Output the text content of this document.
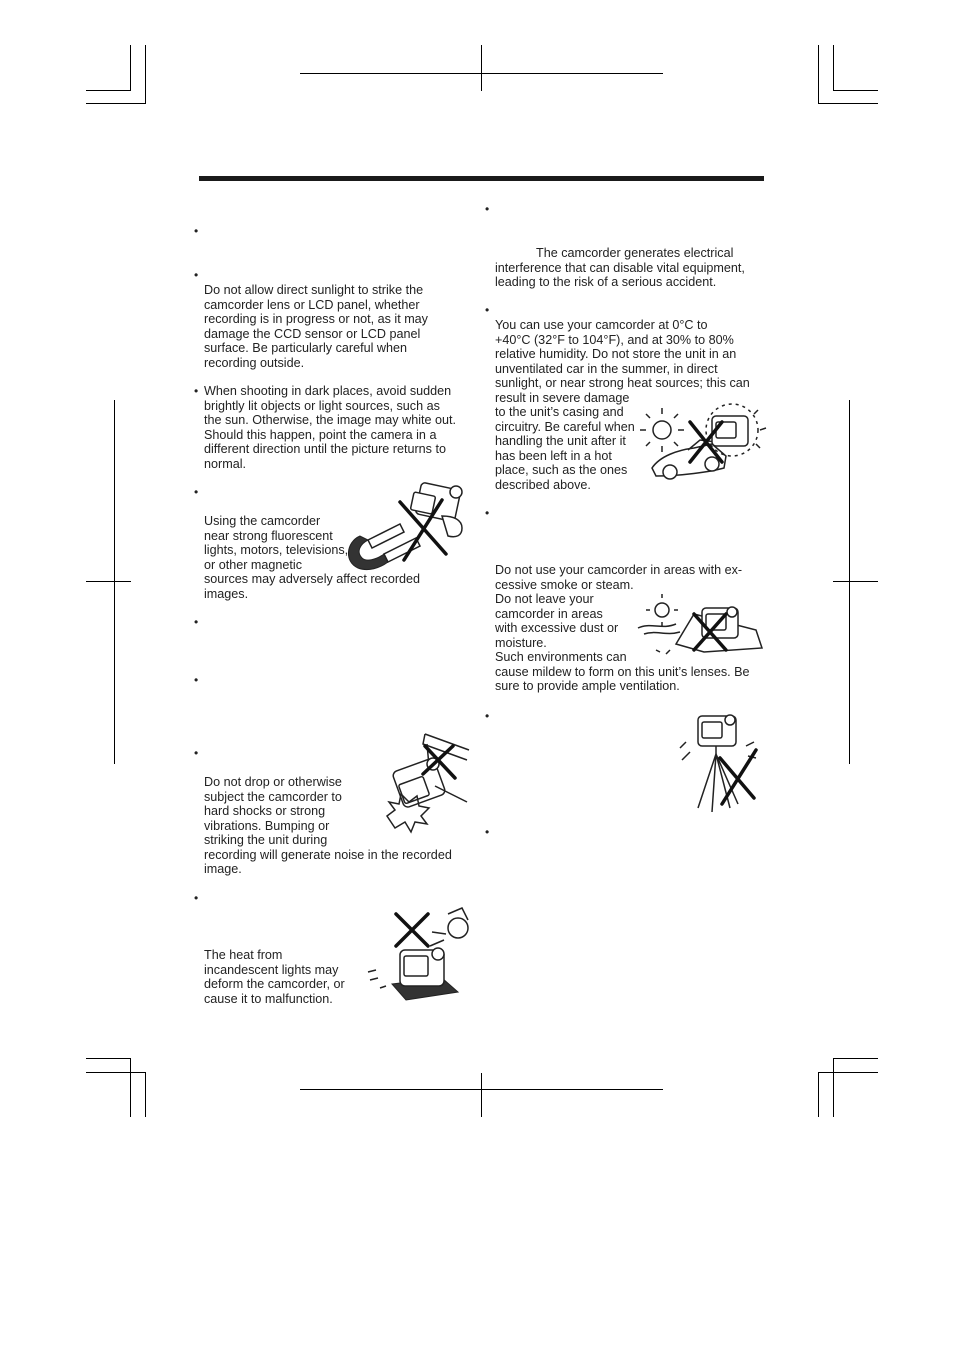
•
•
•
•
•
•
•
•
Do not allow direct sunlight to strike the
camcorder lens or LCD panel, whether
recording is in progress or not, as it may
damage the CCD sensor or LCD panel
surface. Be particularly careful when
recording outside.
When shooting in dark places, avoid sudden
brightly lit objects or light sources, such as
the sun. Otherwise, the image may white out.
Should this happen, point the camera in a
different direction until the picture returns to
normal.
Using the camcorder
near strong fluorescent
lights, motors, televisions,
or other magnetic
sources may adversely affect recorded
images.
Do not drop or otherwise
subject the camcorder to
hard shocks or strong
vibrations. Bumping or
striking the unit during
recording will generate noise in the recorded
image.
The heat from
incandescent lights may
deform the camcorder, or
cause it to malfunction.
•
•
•
•
•
The camcorder generates electrical
interference that can disable vital equipment,
leading to the risk of a serious accident.
You can use your camcorder at 0°C to
+40°C (32°F to 104°F), and at 30% to 80%
relative humidity. Do not store the unit in an
unventilated car in the summer, in direct
sunlight, or near strong heat sources; this can
result in severe damage
to the unit’s casing and
circuitry. Be careful when
handling the unit after it
has been left in a hot
place, such as the ones
described above.
Do not use your camcorder in areas with ex-
cessive smoke or steam.
Do not leave your
camcorder in areas
with excessive dust or
moisture.
Such environments can
cause mildew to form on this unit’s lenses. Be
sure to provide ample ventilation.
